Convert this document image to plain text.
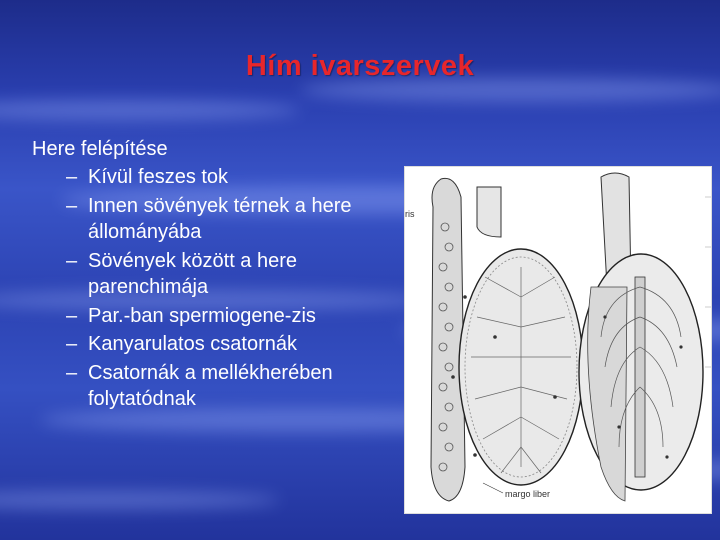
Hím ivarszervek
Here felépítése
– Kívül feszes tok
– Innen sövények térnek a here állományába
– Sövények között a here parenchimája
– Par.-ban spermiogene-zis
– Kanyarulatos csatornák
– Csatornák a mellékherében folytatódnak
ris
margo liber
